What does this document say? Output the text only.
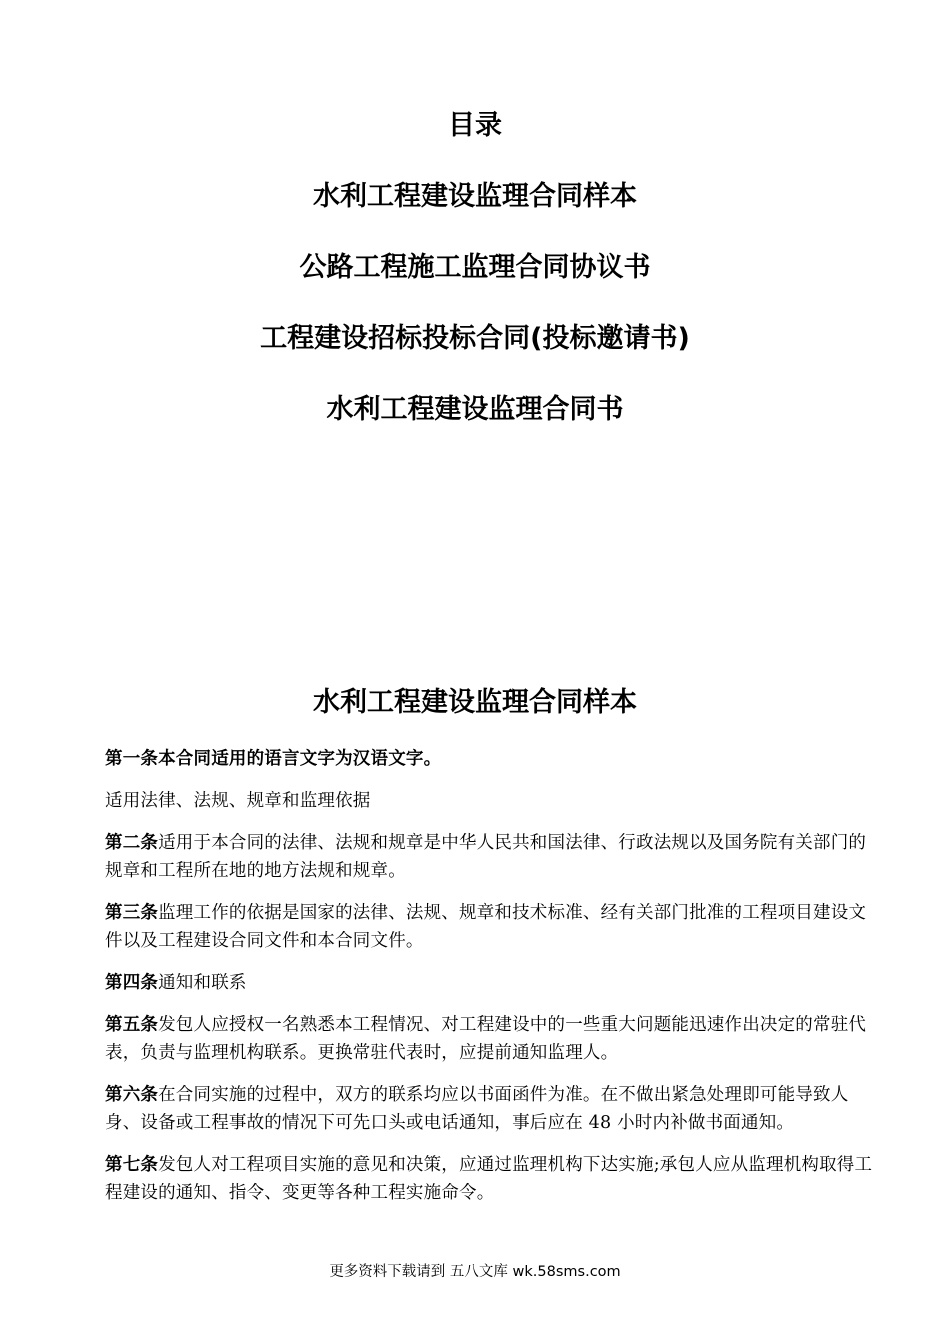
目录
水利工程建设监理合同样本
公路工程施工监理合同协议书
工程建设招标投标合同(投标邀请书)
水利工程建设监理合同书
水利工程建设监理合同样本

第一条本合同适用的语言文字为汉语文字。

适用法律、法规、规章和监理依据

第二条适用于本合同的法律、法规和规章是中华人民共和国法律、行政法规以及国务院有关部门的规章和工程所在地的地方法规和规章。

第三条监理工作的依据是国家的法律、法规、规章和技术标准、经有关部门批准的工程项目建设文件以及工程建设合同文件和本合同文件。

第四条通知和联系

第五条发包人应授权一名熟悉本工程情况、对工程建设中的一些重大问题能迅速作出决定的常驻代表，负责与监理机构联系。更换常驻代表时，应提前通知监理人。

第六条在合同实施的过程中，双方的联系均应以书面函件为准。在不做出紧急处理即可能导致人身、设备或工程事故的情况下可先口头或电话通知，事后应在 48 小时内补做书面通知。

第七条发包人对工程项目实施的意见和决策，应通过监理机构下达实施;承包人应从监理机构取得工程建设的通知、指令、变更等各种工程实施命令。

更多资料下载请到 五八文库 wk.58sms.com
